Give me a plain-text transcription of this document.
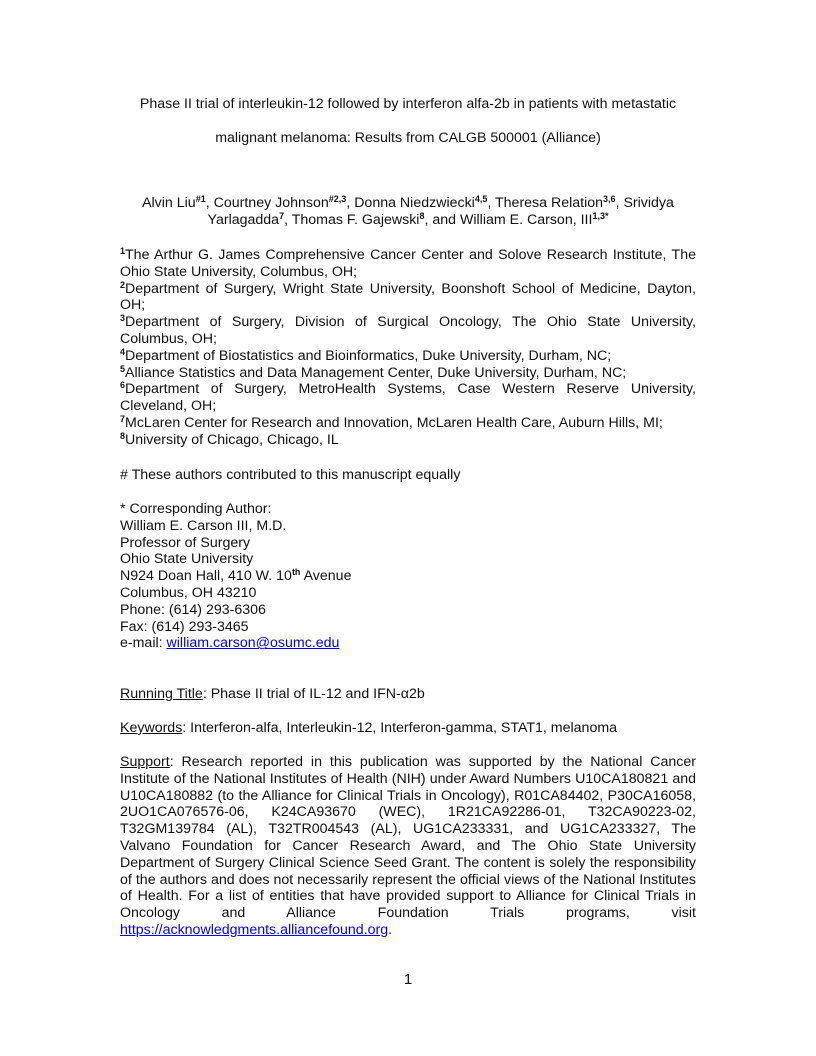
Phase II trial of interleukin-12 followed by interferon alfa-2b in patients with metastatic
malignant melanoma: Results from CALGB 500001 (Alliance)
Alvin Liu$^{\#1}$, Courtney Johnson$^{\#2,3}$, Donna Niedzwiecki$^{4,5}$, Theresa Relation$^{3,6}$, Srividya Yarlagadda$^7$, Thomas F. Gajewski$^8$, and William E. Carson, $III^{1,3*}$
$^1$The Arthur G. James Comprehensive Cancer Center and Solove Research Institute, The Ohio State University, Columbus, OH;
$^2$Department of Surgery, Wright State University, Boonshoft School of Medicine, Dayton, OH;
$^3$Department of Surgery, Division of Surgical Oncology, The Ohio State University, Columbus, OH;
$^4$Department of Biostatistics and Bioinformatics, Duke University, Durham, NC;
$^5$Alliance Statistics and Data Management Center, Duke University, Durham, NC;
$^6$Department of Surgery, MetroHealth Systems, Case Western Reserve University, Cleveland, OH;
$^7$McLaren Center for Research and Innovation, McLaren Health Care, Auburn Hills, MI;
$^8$University of Chicago, Chicago, IL
# These authors contributed to this manuscript equally
* Corresponding Author:
William E. Carson III, M.D.
Professor of Surgery
Ohio State University
N924 Doan Hall, 410 W. 10th Avenue
Columbus, OH 43210
Phone: (614) 293-6306
Fax: (614) 293-3465
e-mail: william.carson@osumc.edu
Running Title: Phase II trial of IL-12 and IFN-α2b
Keywords: Interferon-alfa, Interleukin-12, Interferon-gamma, STAT1, melanoma
Support: Research reported in this publication was supported by the National Cancer Institute of the National Institutes of Health (NIH) under Award Numbers U10CA180821 and U10CA180882 (to the Alliance for Clinical Trials in Oncology), R01CA84402, P30CA16058, 2UO1CA076576-06, K24CA93670 (WEC), 1R21CA92286-01, T32CA90223-02, T32GM139784 (AL), T32TR004543 (AL), UG1CA233331, and UG1CA233327, The Valvano Foundation for Cancer Research Award, and The Ohio State University Department of Surgery Clinical Science Seed Grant. The content is solely the responsibility of the authors and does not necessarily represent the official views of the National Institutes of Health. For a list of entities that have provided support to Alliance for Clinical Trials in Oncology and Alliance Foundation Trials programs, visit https://acknowledgments.alliancefound.org.
1
